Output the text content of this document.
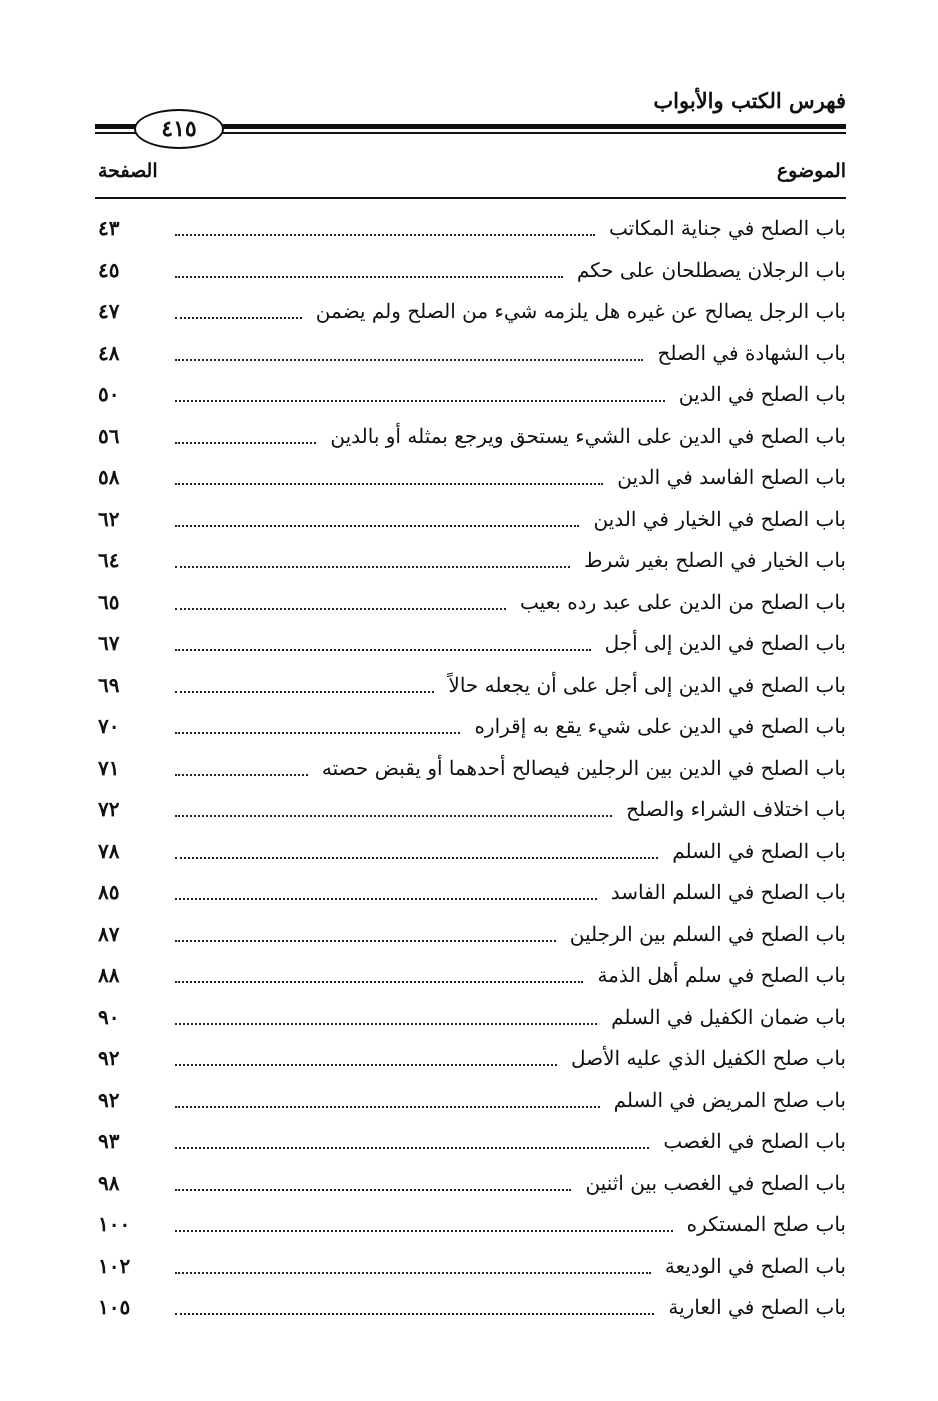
فهرس الكتب والأبواب
٤١٥
الموضوع
الصفحة
باب الصلح في جناية المكاتب
٤٣
باب الرجلان يصطلحان على حكم
٤٥
باب الرجل يصالح عن غيره هل يلزمه شيء من الصلح ولم يضمن
٤٧
باب الشهادة في الصلح
٤٨
باب الصلح في الدين
٥٠
باب الصلح في الدين على الشيء يستحق ويرجع بمثله أو بالدين
٥٦
باب الصلح الفاسد في الدين
٥٨
باب الصلح في الخيار في الدين
٦٢
باب الخيار في الصلح بغير شرط
٦٤
باب الصلح من الدين على عبد رده بعيب
٦٥
باب الصلح في الدين إلى أجل
٦٧
باب الصلح في الدين إلى أجل على أن يجعله حالاً
٦٩
باب الصلح في الدين على شيء يقع به إقراره
٧٠
باب الصلح في الدين بين الرجلين فيصالح أحدهما أو يقبض حصته
٧١
باب اختلاف الشراء والصلح
٧٢
باب الصلح في السلم
٧٨
باب الصلح في السلم الفاسد
٨٥
باب الصلح في السلم بين الرجلين
٨٧
باب الصلح في سلم أهل الذمة
٨٨
باب ضمان الكفيل في السلم
٩٠
باب صلح الكفيل الذي عليه الأصل
٩٢
باب صلح المريض في السلم
٩٢
باب الصلح في الغصب
٩٣
باب الصلح في الغصب بين اثنين
٩٨
باب صلح المستكره
١٠٠
باب الصلح في الوديعة
١٠٢
باب الصلح في العارية
١٠٥
